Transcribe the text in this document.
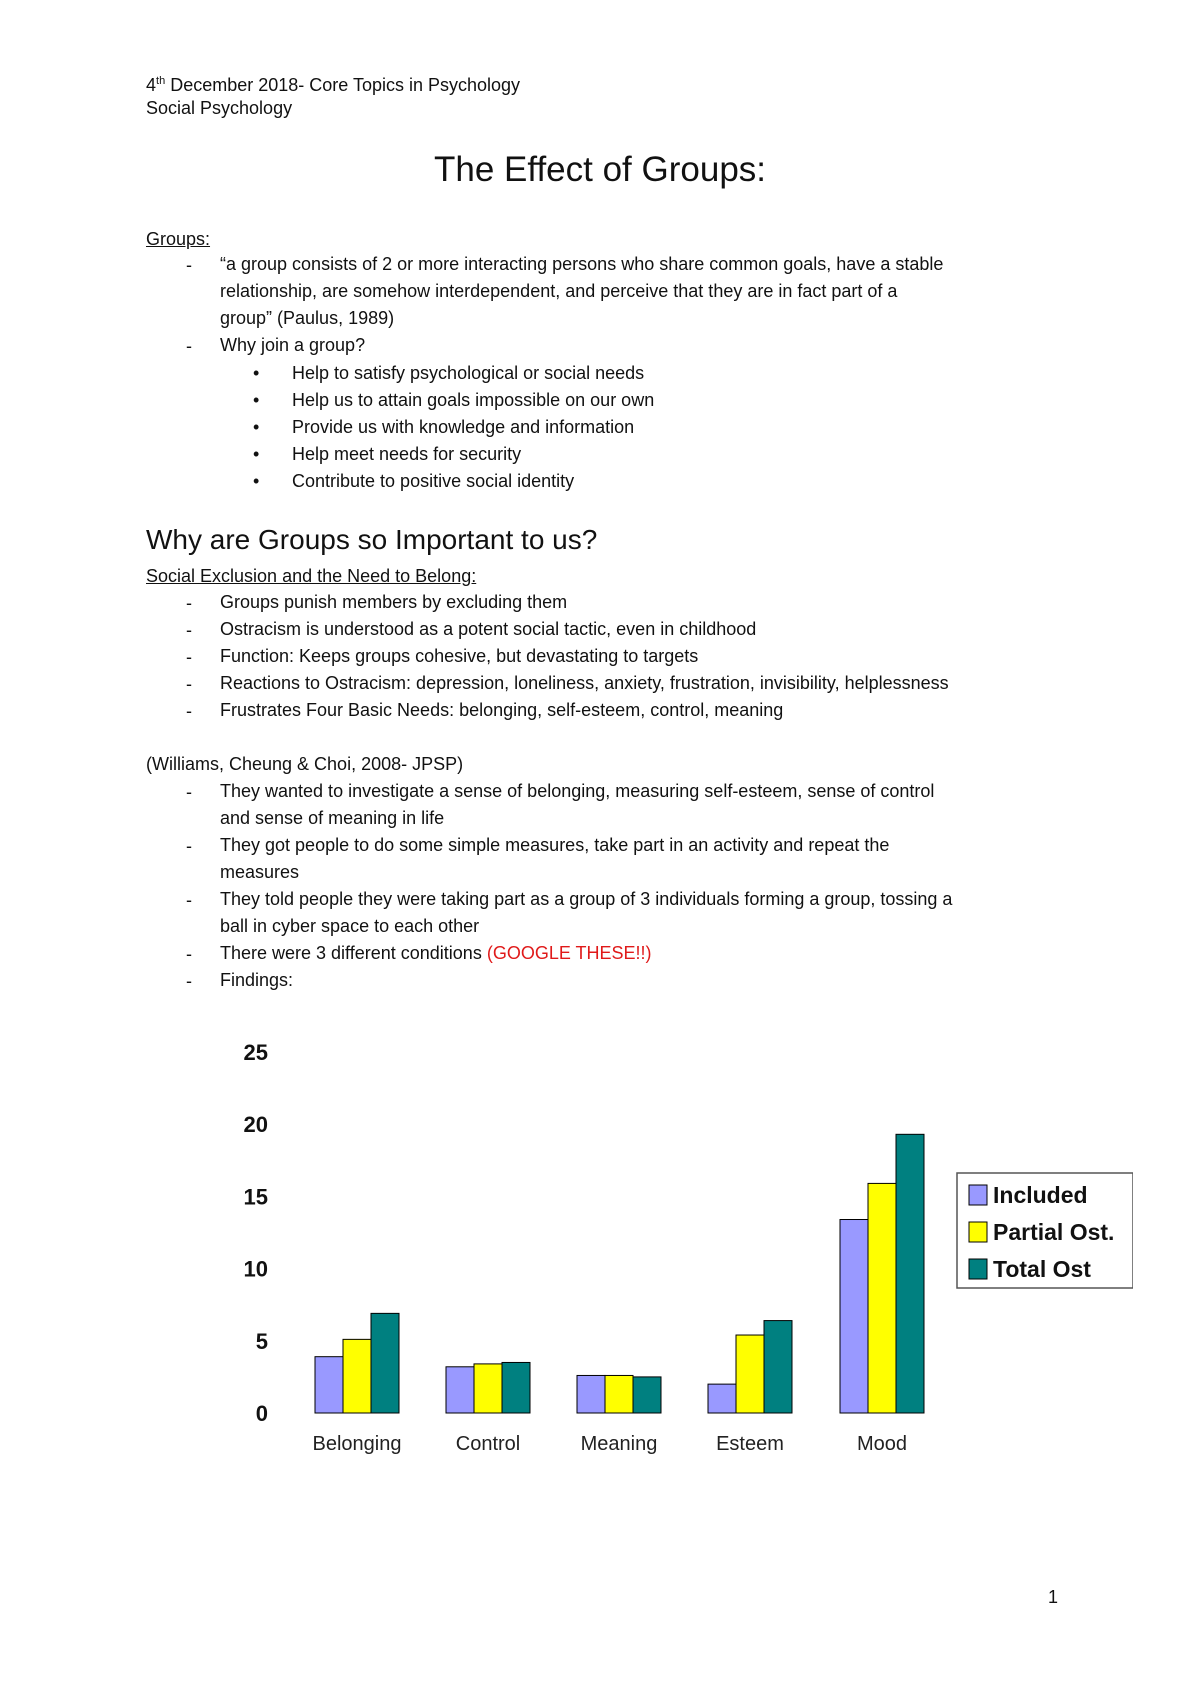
4th December 2018- Core Topics in Psychology
Social Psychology
The Effect of Groups:
Groups:
- “a group consists of 2 or more interacting persons who share common goals, have a stable
relationship, are somehow interdependent, and perceive that they are in fact part of a
group” (Paulus, 1989)
- Why join a group?
• Help to satisfy psychological or social needs
• Help us to attain goals impossible on our own
• Provide us with knowledge and information
• Help meet needs for security
• Contribute to positive social identity
Why are Groups so Important to us?
Social Exclusion and the Need to Belong:
- Groups punish members by excluding them
- Ostracism is understood as a potent social tactic, even in childhood
- Function: Keeps groups cohesive, but devastating to targets
- Reactions to Ostracism: depression, loneliness, anxiety, frustration, invisibility, helplessness
- Frustrates Four Basic Needs: belonging, self-esteem, control, meaning
(Williams, Cheung & Choi, 2008- JPSP)
- They wanted to investigate a sense of belonging, measuring self-esteem, sense of control
and sense of meaning in life
- They got people to do some simple measures, take part in an activity and repeat the
measures
- They told people they were taking part as a group of 3 individuals forming a group, tossing a
ball in cyber space to each other
- There were 3 different conditions (GOOGLE THESE!!)
- Findings:
0
5
10
15
20
25
Belonging	Control	Meaning	Esteem	Mood
Included
Partial Ost.
Total Ost
1
